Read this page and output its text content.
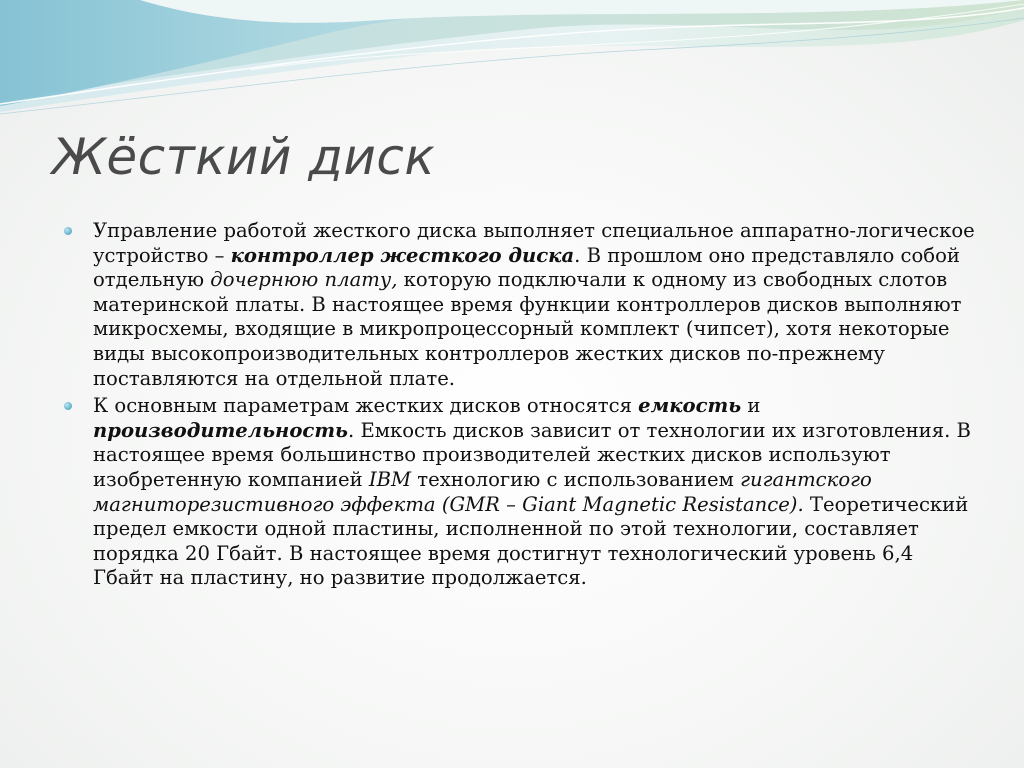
Жёсткий диск
Управление работой жесткого диска выполняет специальное аппаратно-логическое устройство – контроллер жесткого диска. В прошлом оно представляло собой отдельную дочернюю плату, которую подключали к одному из свободных слотов материнской платы. В настоящее время функции контроллеров дисков выполняют микросхемы, входящие в микропроцессорный комплект (чипсет), хотя некоторые виды высокопроизводительных контроллеров жестких дисков по-прежнему поставляются на отдельной плате.
К основным параметрам жестких дисков относятся емкость и производительность. Емкость дисков зависит от технологии их изготовления. В настоящее время большинство производителей жестких дисков используют изобретенную компанией IBM технологию с использованием гигантского магниторезистивного эффекта (GMR – Giant Magnetic Resistance). Теоретический предел емкости одной пластины, исполненной по этой технологии, составляет порядка 20 Гбайт. В настоящее время достигнут технологический уровень 6,4 Гбайт на пластину, но развитие продолжается.
